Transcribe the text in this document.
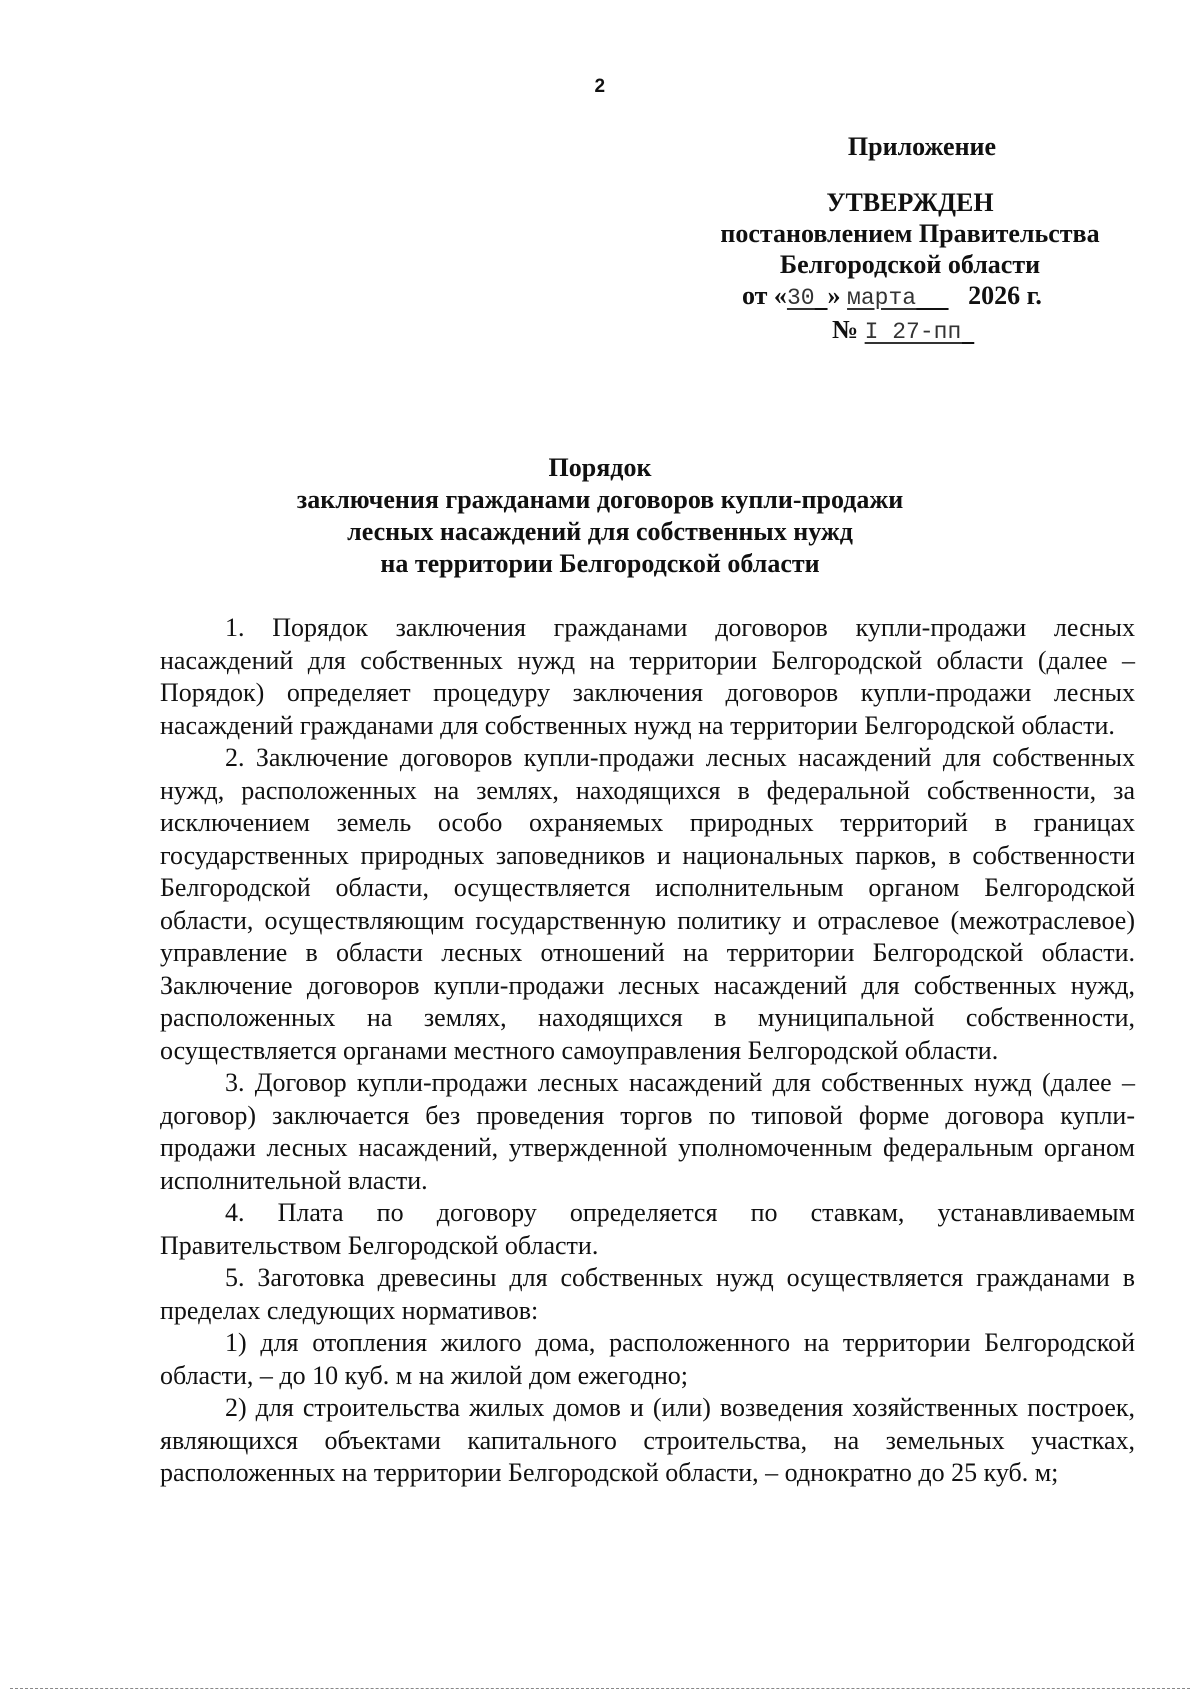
2
Приложение
УТВЕРЖДЕН
постановлением Правительства
Белгородской области
от «30 » марта 2026 г.
№ I 27-пп
Порядок
заключения гражданами договоров купли-продажи
лесных насаждений для собственных нужд
на территории Белгородской области

1. Порядок заключения гражданами договоров купли-продажи лесных насаждений для собственных нужд на территории Белгородской области (далее – Порядок) определяет процедуру заключения договоров купли-продажи лесных насаждений гражданами для собственных нужд на территории Белгородской области.

2. Заключение договоров купли-продажи лесных насаждений для собственных нужд, расположенных на землях, находящихся в федеральной собственности, за исключением земель особо охраняемых природных территорий в границах государственных природных заповедников и национальных парков, в собственности Белгородской области, осуществляется исполнительным органом Белгородской области, осуществляющим государственную политику и отраслевое (межотраслевое) управление в области лесных отношений на территории Белгородской области. Заключение договоров купли-продажи лесных насаждений для собственных нужд, расположенных на землях, находящихся в муниципальной собственности, осуществляется органами местного самоуправления Белгородской области.

3. Договор купли-продажи лесных насаждений для собственных нужд (далее – договор) заключается без проведения торгов по типовой форме договора купли-продажи лесных насаждений, утвержденной уполномоченным федеральным органом исполнительной власти.

4. Плата по договору определяется по ставкам, устанавливаемым Правительством Белгородской области.

5. Заготовка древесины для собственных нужд осуществляется гражданами в пределах следующих нормативов:

1) для отопления жилого дома, расположенного на территории Белгородской области, – до 10 куб. м на жилой дом ежегодно;

2) для строительства жилых домов и (или) возведения хозяйственных построек, являющихся объектами капитального строительства, на земельных участках, расположенных на территории Белгородской области, – однократно до 25 куб. м;
